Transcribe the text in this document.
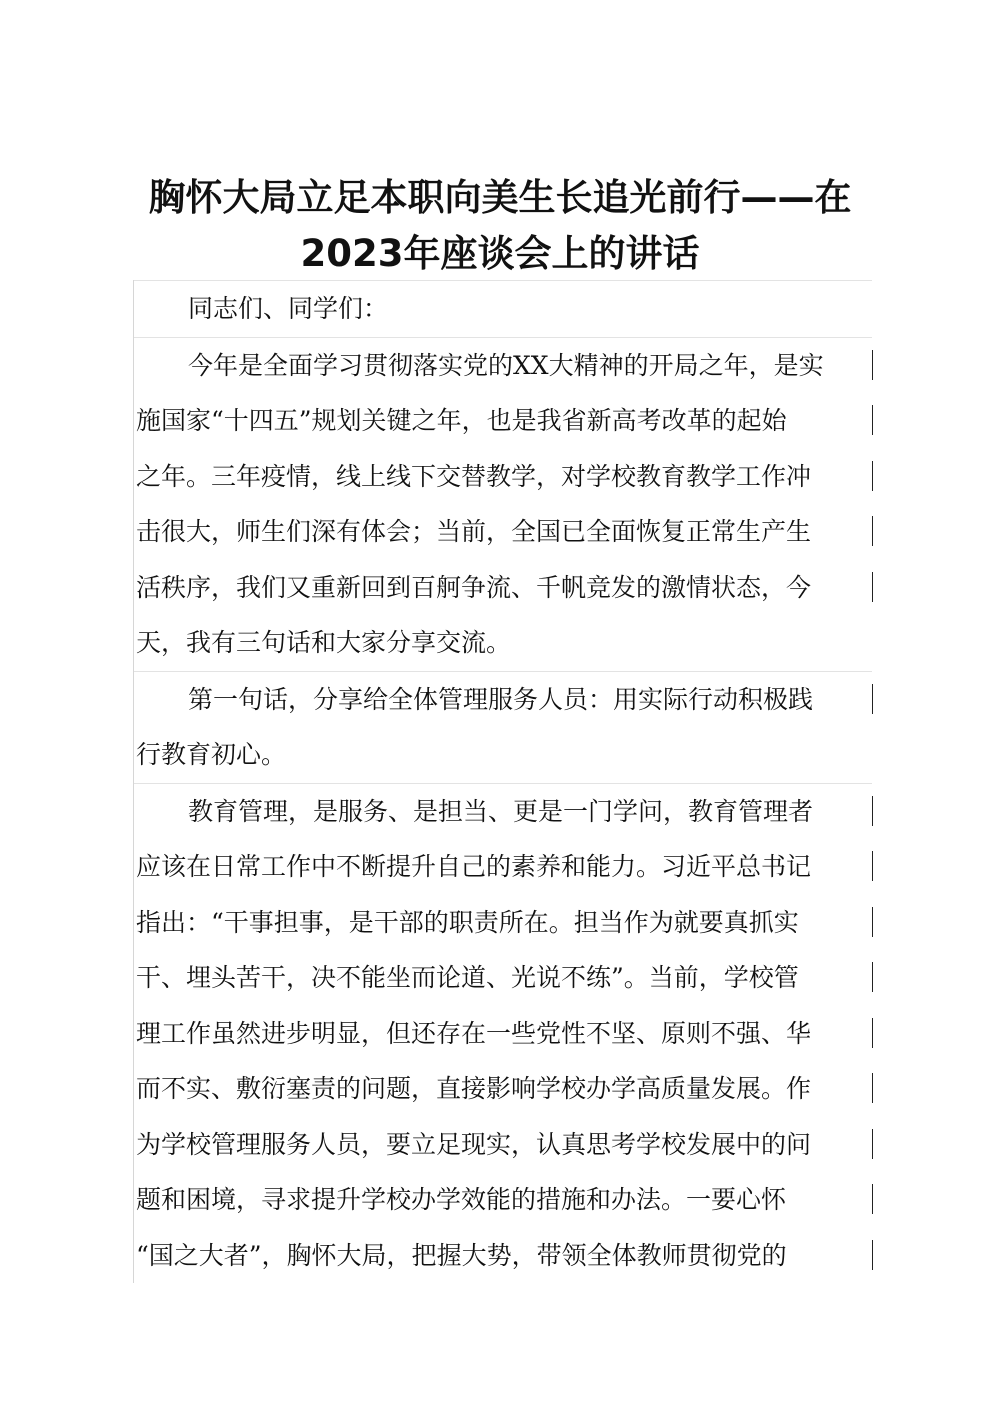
胸怀大局立足本职向美生长追光前行——在
2023年座谈会上的讲话

同志们、同学们：

今年是全面学习贯彻落实党的XX大精神的开局之年，是实
施国家“十四五”规划关键之年，也是我省新高考改革的起始
之年。三年疫情，线上线下交替教学，对学校教育教学工作冲
击很大，师生们深有体会；当前，全国已全面恢复正常生产生
活秩序，我们又重新回到百舸争流、千帆竞发的激情状态，今
天，我有三句话和大家分享交流。

第一句话，分享给全体管理服务人员：用实际行动积极践
行教育初心。

教育管理，是服务、是担当、更是一门学问，教育管理者
应该在日常工作中不断提升自己的素养和能力。习近平总书记
指出：“干事担事，是干部的职责所在。担当作为就要真抓实
干、埋头苦干，决不能坐而论道、光说不练”。当前，学校管
理工作虽然进步明显，但还存在一些党性不坚、原则不强、华
而不实、敷衍塞责的问题，直接影响学校办学高质量发展。作
为学校管理服务人员，要立足现实，认真思考学校发展中的问
题和困境，寻求提升学校办学效能的措施和办法。一要心怀
“国之大者”，胸怀大局，把握大势，带领全体教师贯彻党的
